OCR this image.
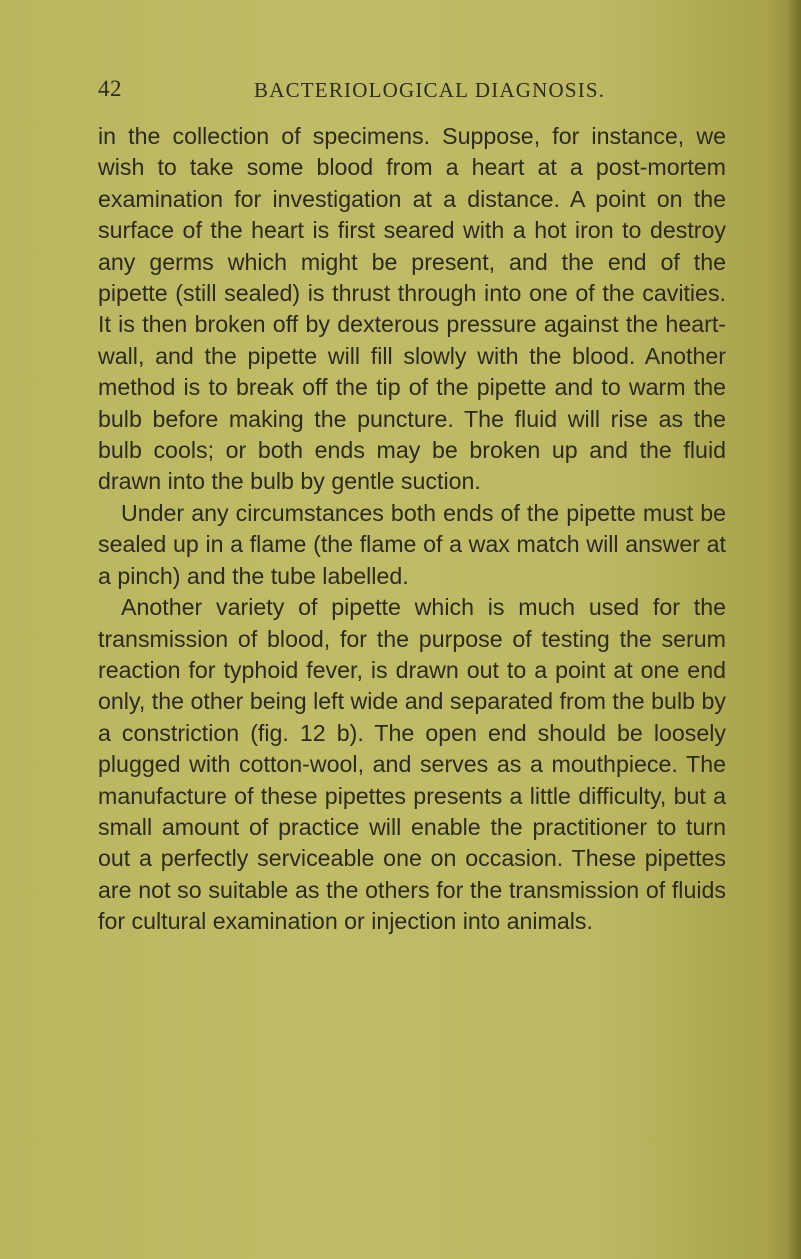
42	BACTERIOLOGICAL DIAGNOSIS.

in the collection of specimens. Suppose, for instance, we wish to take some blood from a heart at a post-mortem examination for investigation at a distance. A point on the surface of the heart is first seared with a hot iron to destroy any germs which might be present, and the end of the pipette (still sealed) is thrust through into one of the cavities. It is then broken off by dexterous pressure against the heart-wall, and the pipette will fill slowly with the blood. Another method is to break off the tip of the pipette and to warm the bulb before making the puncture. The fluid will rise as the bulb cools; or both ends may be broken up and the fluid drawn into the bulb by gentle suction.

Under any circumstances both ends of the pipette must be sealed up in a flame (the flame of a wax match will answer at a pinch) and the tube labelled.

Another variety of pipette which is much used for the transmission of blood, for the purpose of testing the serum reaction for typhoid fever, is drawn out to a point at one end only, the other being left wide and separated from the bulb by a constriction (fig. 12 b). The open end should be loosely plugged with cotton-wool, and serves as a mouthpiece. The manufacture of these pipettes presents a little difficulty, but a small amount of practice will enable the practitioner to turn out a perfectly serviceable one on occasion. These pipettes are not so suitable as the others for the transmission of fluids for cultural examination or injection into animals.
